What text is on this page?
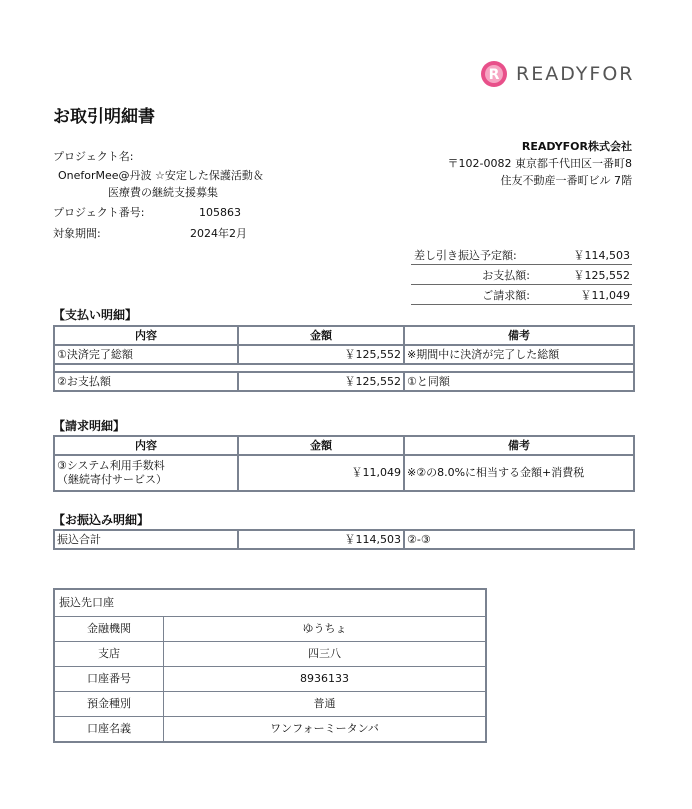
R READYFOR
お取引明細書
READYFOR株式会社
〒102-0082 東京都千代田区一番町8
住友不動産一番町ビル 7階
プロジェクト名:
OneforMee@丹波 ☆安定した保護活動＆
医療費の継続支援募集
プロジェクト番号:	105863
対象期間:	2024年2月
差し引き振込予定額:	￥114,503
お支払額:	￥125,552
ご請求額:	￥11,049
【支払い明細】
内容	金額	備考
①決済完了総額	￥125,552	※期間中に決済が完了した総額

②お支払額	￥125,552	①と同額
【請求明細】
内容	金額	備考

③システム利用手数料
（継続寄付サービス）	￥11,049	※②の8.0%に相当する金額+消費税
【お振込み明細】
振込合計	￥114,503	②-③
振込先口座
金融機関	ゆうちょ
支店	四三八
口座番号	8936133
預金種別	普通
口座名義	ワンフォーミータンバ
